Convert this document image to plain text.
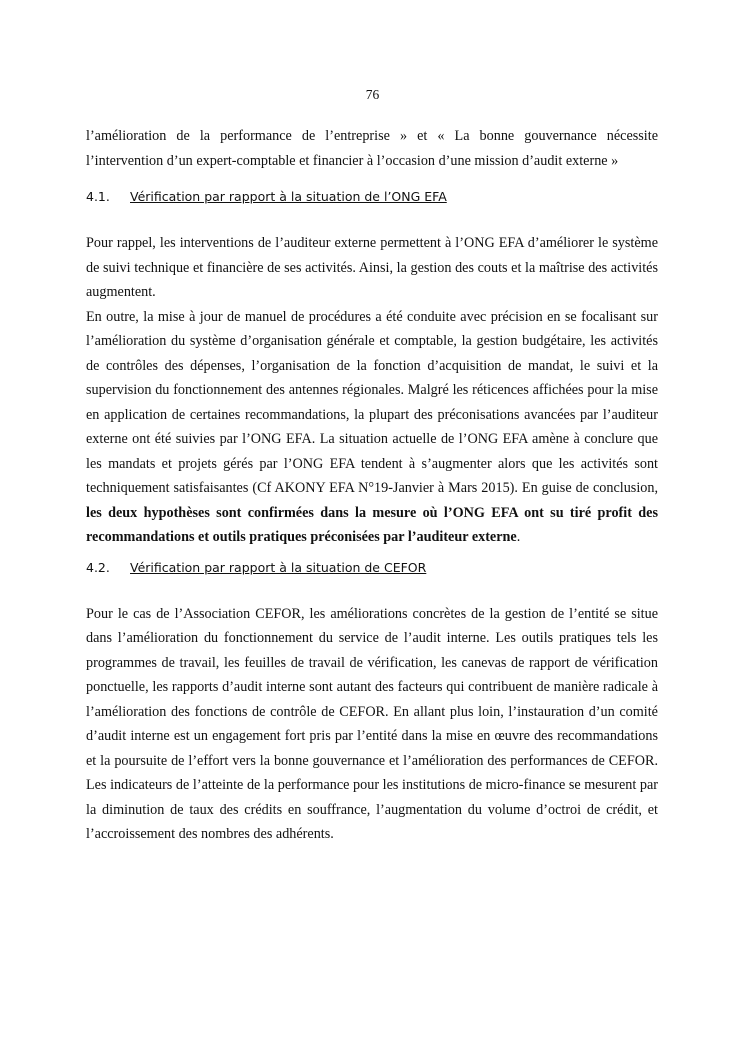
76

l’amélioration de la performance de l’entreprise » et « La bonne gouvernance nécessite l’intervention d’un expert-comptable et financier à l’occasion d’une mission d’audit externe »

4.1.	Vérification par rapport à la situation de l’ONG EFA

Pour rappel, les interventions de l’auditeur externe permettent à l’ONG EFA d’améliorer le système de suivi technique et financière de ses activités. Ainsi, la gestion des couts et la maîtrise des activités augmentent.

En outre, la mise à jour de manuel de procédures a été conduite avec précision en se focalisant sur l’amélioration du système d’organisation générale et comptable, la gestion budgétaire, les activités de contrôles des dépenses, l’organisation de la fonction d’acquisition de mandat, le suivi et la supervision du fonctionnement des antennes régionales. Malgré les réticences affichées pour la mise en application de certaines recommandations, la plupart des préconisations avancées par l’auditeur externe ont été suivies par l’ONG EFA. La situation actuelle de l’ONG EFA amène à conclure que les mandats et projets gérés par l’ONG EFA tendent à s’augmenter alors que les activités sont techniquement satisfaisantes (Cf AKONY EFA N°19-Janvier à Mars 2015). En guise de conclusion, les deux hypothèses sont confirmées dans la mesure où l’ONG EFA ont su tiré profit des recommandations et outils pratiques préconisées par l’auditeur externe.

4.2.	Vérification par rapport à la situation de CEFOR

Pour le cas de l’Association CEFOR, les améliorations concrètes de la gestion de l’entité se situe dans l’amélioration du fonctionnement du service de l’audit interne. Les outils pratiques tels les programmes de travail, les feuilles de travail de vérification, les canevas de rapport de vérification ponctuelle, les rapports d’audit interne sont autant des facteurs qui contribuent de manière radicale à l’amélioration des fonctions de contrôle de CEFOR. En allant plus loin, l’instauration d’un comité d’audit interne est un engagement fort pris par l’entité dans la mise en œuvre des recommandations et la poursuite de l’effort vers la bonne gouvernance et l’amélioration des performances de CEFOR. Les indicateurs de l’atteinte de la performance pour les institutions de micro-finance se mesurent par la diminution de taux des crédits en souffrance, l’augmentation du volume d’octroi de crédit, et l’accroissement des nombres des adhérents.
